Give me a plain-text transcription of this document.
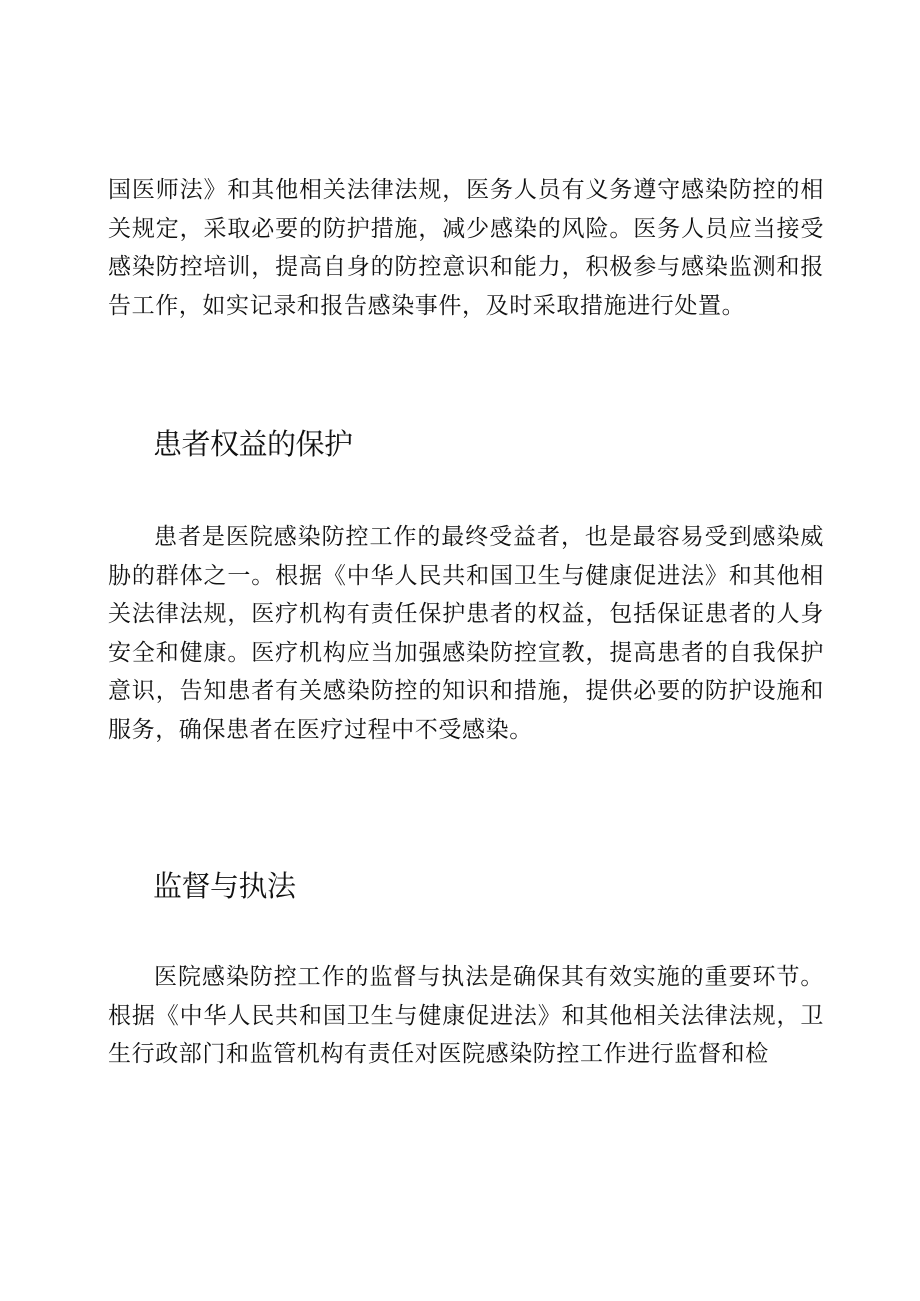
国医师法》和其他相关法律法规，医务人员有义务遵守感染防控的相关规定，采取必要的防护措施，减少感染的风险。医务人员应当接受感染防控培训，提高自身的防控意识和能力，积极参与感染监测和报告工作，如实记录和报告感染事件，及时采取措施进行处置。

患者权益的保护

患者是医院感染防控工作的最终受益者，也是最容易受到感染威胁的群体之一。根据《中华人民共和国卫生与健康促进法》和其他相关法律法规，医疗机构有责任保护患者的权益，包括保证患者的人身安全和健康。医疗机构应当加强感染防控宣教，提高患者的自我保护意识，告知患者有关感染防控的知识和措施，提供必要的防护设施和服务，确保患者在医疗过程中不受感染。

监督与执法

医院感染防控工作的监督与执法是确保其有效实施的重要环节。根据《中华人民共和国卫生与健康促进法》和其他相关法律法规，卫生行政部门和监管机构有责任对医院感染防控工作进行监督和检
